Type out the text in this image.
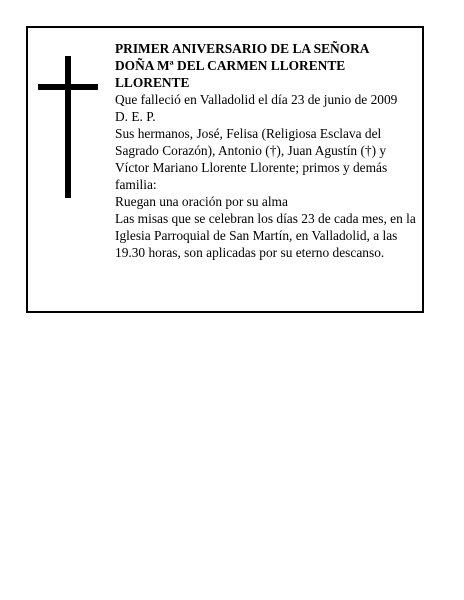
PRIMER ANIVERSARIO DE LA SEÑORA
DOÑA Mª DEL CARMEN LLORENTE
LLORENTE
Que falleció en Valladolid el día 23 de junio de 2009
D. E. P.
Sus hermanos, José, Felisa (Religiosa Esclava del
Sagrado Corazón), Antonio (†), Juan Agustín (†) y
Víctor Mariano Llorente Llorente; primos y demás
familia:
Ruegan una oración por su alma
Las misas que se celebran los días 23 de cada mes, en la
Iglesia Parroquial de San Martín, en Valladolid, a las
19.30 horas, son aplicadas por su eterno descanso.
